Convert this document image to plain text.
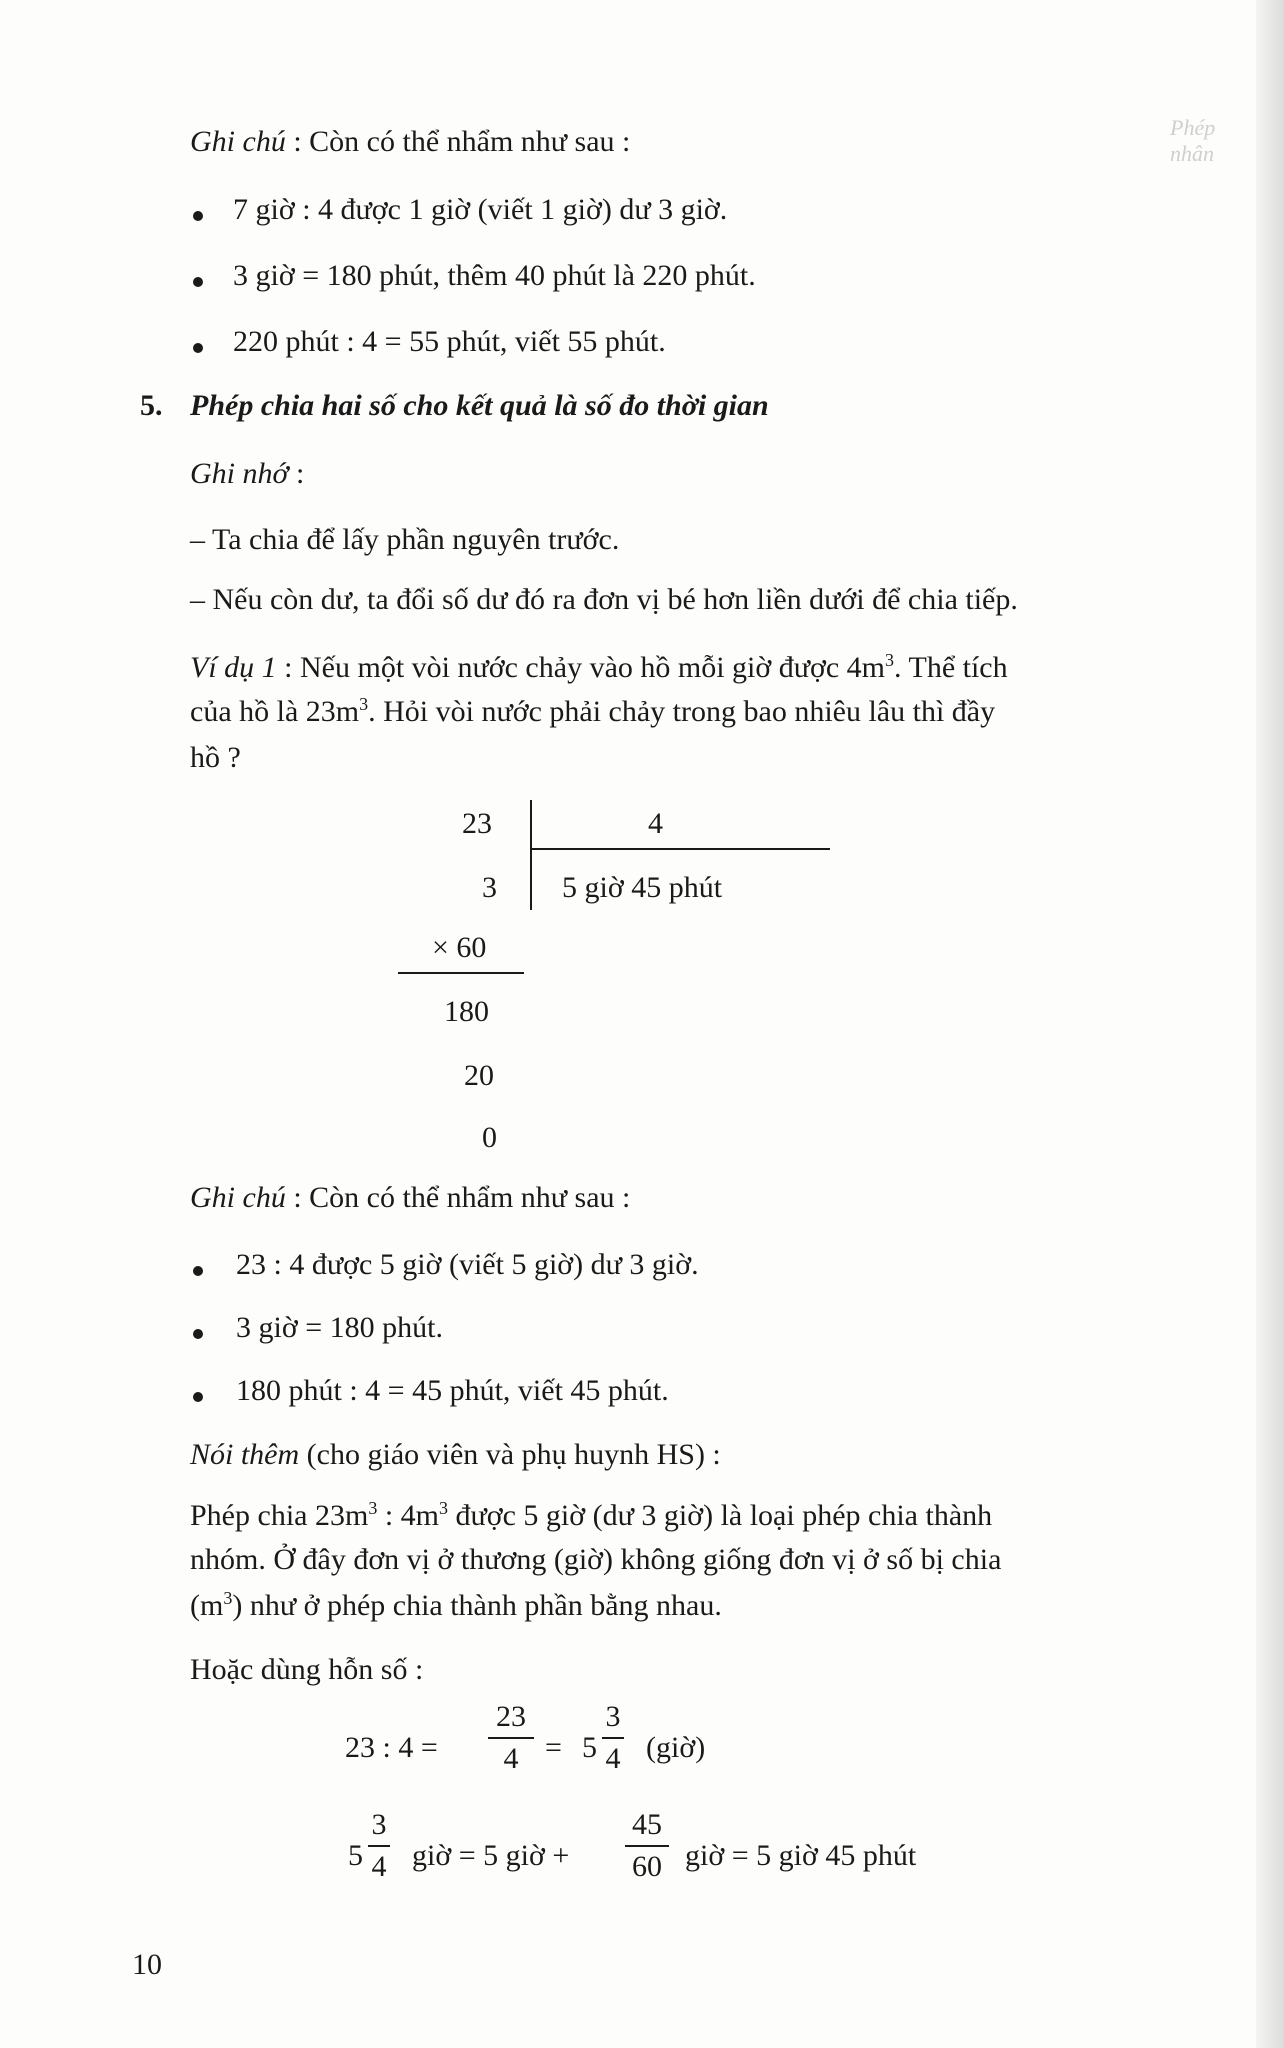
Phép nhân
Ghi chú : Còn có thể nhẩm như sau :
7 giờ : 4 được 1 giờ (viết 1 giờ) dư 3 giờ.
3 giờ = 180 phút, thêm 40 phút là 220 phút.
220 phút : 4 = 55 phút, viết 55 phút.
5. Phép chia hai số cho kết quả là số đo thời gian
Ghi nhớ :
– Ta chia để lấy phần nguyên trước.
– Nếu còn dư, ta đổi số dư đó ra đơn vị bé hơn liền dưới để chia tiếp.
Ví dụ 1 : Nếu một vòi nước chảy vào hồ mỗi giờ được $4m^3$. Thể tích
của hồ là $23m^3$. Hỏi vòi nước phải chảy trong bao nhiêu lâu thì đầy
hồ ?
23	4
3 5 giờ 45 phút
× 60
180
20
0
Ghi chú : Còn có thể nhẩm như sau :
23 : 4 được 5 giờ (viết 5 giờ) dư 3 giờ.
3 giờ = 180 phút.
180 phút : 4 = 45 phút, viết 45 phút.
Nói thêm (cho giáo viên và phụ huynh HS) :
Phép chia $23m^3$ : $4m^3$ được 5 giờ (dư 3 giờ) là loại phép chia thành
nhóm. Ở đây đơn vị ở thương (giờ) không giống đơn vị ở số bị chia
$(m^3)$ như ở phép chia thành phần bằng nhau.
Hoặc dùng hỗn số :
23 : 4 =
23
4 = 5
3
4 (giờ)
5
3
4 giờ = 5 giờ +
45
60 giờ = 5 giờ 45 phút
10
